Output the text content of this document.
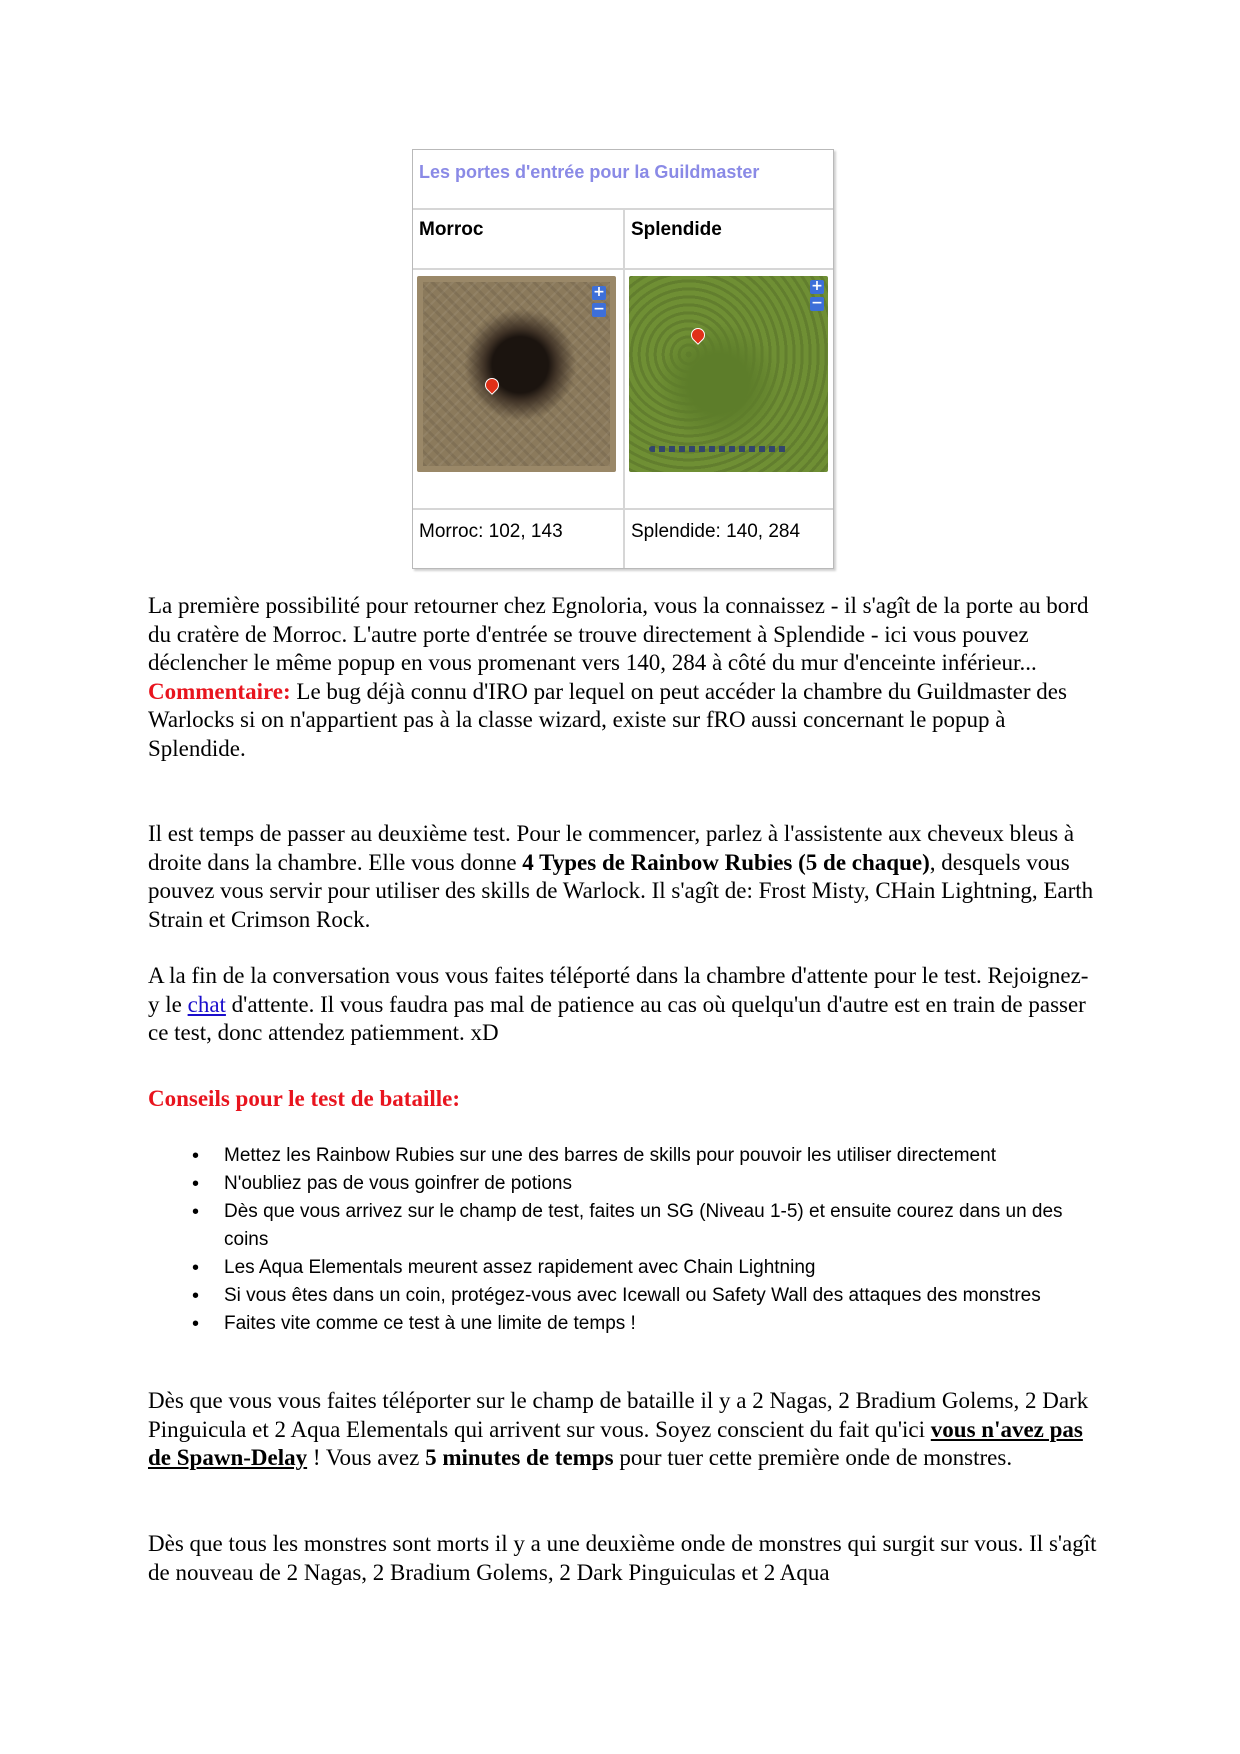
Les portes d'entrée pour la Guildmaster
Morroc	Splendide
+
−
+
−
Morroc: 102, 143	Splendide: 140, 284

La première possibilité pour retourner chez Egnoloria, vous la connaissez - il s'agît de la porte au bord du cratère de Morroc. L'autre porte d'entrée se trouve directement à Splendide - ici vous pouvez déclencher le même popup en vous promenant vers 140, 284 à côté du mur d'enceinte inférieur...

Commentaire: Le bug déjà connu d'IRO par lequel on peut accéder la chambre du Guildmaster des Warlocks si on n'appartient pas à la classe wizard, existe sur fRO aussi concernant le popup à Splendide.

Il est temps de passer au deuxième test. Pour le commencer, parlez à l'assistente aux cheveux bleus à droite dans la chambre. Elle vous donne 4 Types de Rainbow Rubies (5 de chaque), desquels vous pouvez vous servir pour utiliser des skills de Warlock. Il s'agît de: Frost Misty, CHain Lightning, Earth Strain et Crimson Rock.

A la fin de la conversation vous vous faites téléporté dans la chambre d'attente pour le test. Rejoignez-y le chat d'attente. Il vous faudra pas mal de patience au cas où quelqu'un d'autre est en train de passer ce test, donc attendez patiemment. xD

Conseils pour le test de bataille:
• Mettez les Rainbow Rubies sur une des barres de skills pour pouvoir les utiliser directement
• N'oubliez pas de vous goinfrer de potions
• Dès que vous arrivez sur le champ de test, faites un SG (Niveau 1-5) et ensuite courez dans un des coins
• Les Aqua Elementals meurent assez rapidement avec Chain Lightning
• Si vous êtes dans un coin, protégez-vous avec Icewall ou Safety Wall des attaques des monstres
• Faites vite comme ce test à une limite de temps !

Dès que vous vous faites téléporter sur le champ de bataille il y a 2 Nagas, 2 Bradium Golems, 2 Dark Pinguicula et 2 Aqua Elementals qui arrivent sur vous. Soyez conscient du fait qu'ici vous n'avez pas de Spawn-Delay ! Vous avez 5 minutes de temps pour tuer cette première onde de monstres.

Dès que tous les monstres sont morts il y a une deuxième onde de monstres qui surgit sur vous. Il s'agît de nouveau de 2 Nagas, 2 Bradium Golems, 2 Dark Pinguiculas et 2 Aqua
